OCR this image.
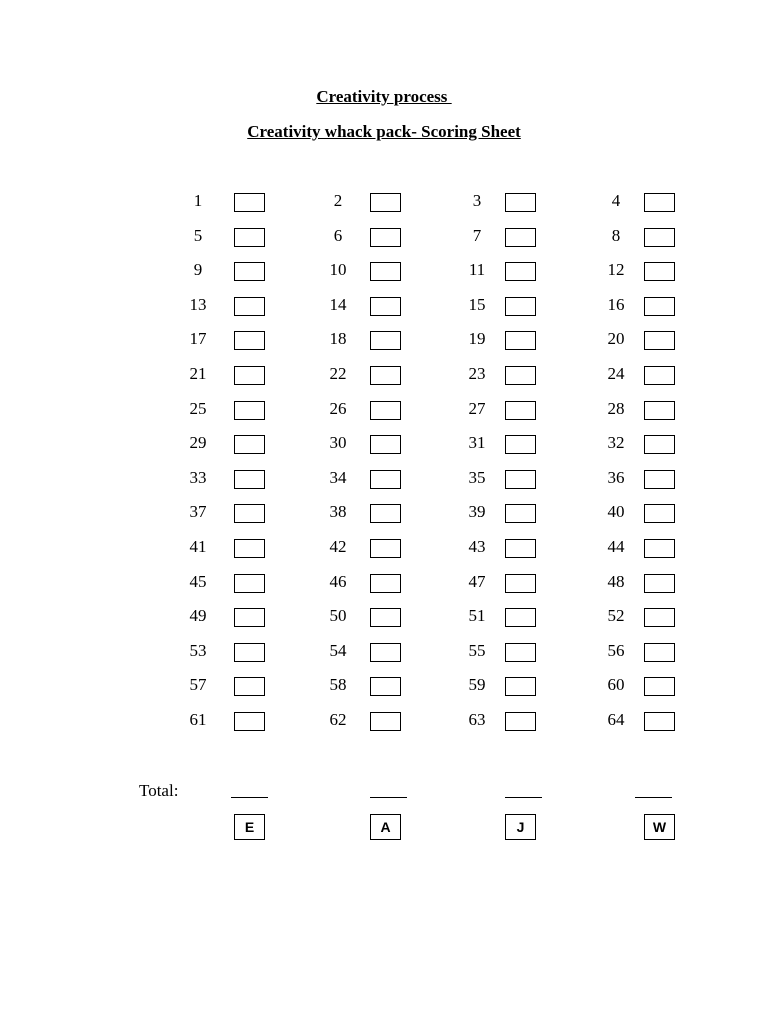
Creativity process
Creativity whack pack- Scoring Sheet
1	2	3	4
5	6	7	8
9	10	11	12
13	14	15	16
17	18	19	20
21	22	23	24
25	26	27	28
29	30	31	32
33	34	35	36
37	38	39	40
41	42	43	44
45	46	47	48
49	50	51	52
53	54	55	56
57	58	59	60
61	62	63	64
Total:
E	A	J	W
